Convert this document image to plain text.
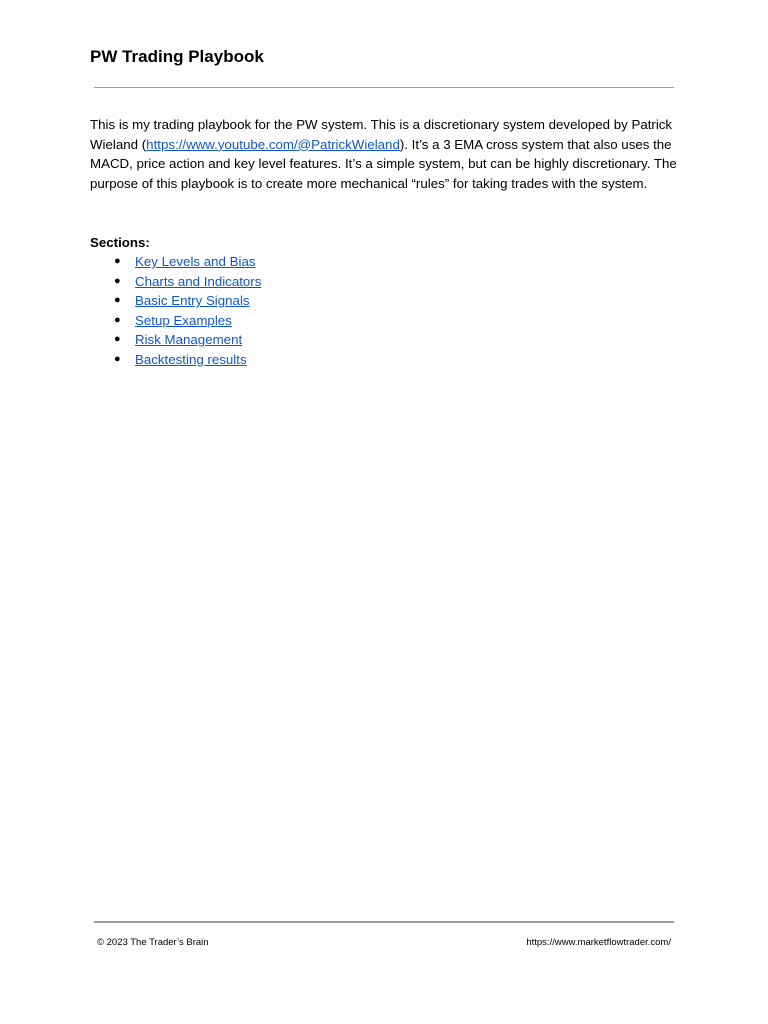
PW Trading Playbook

This is my trading playbook for the PW system. This is a discretionary system developed by Patrick Wieland (https://www.youtube.com/@PatrickWieland). It’s a 3 EMA cross system that also uses the MACD, price action and key level features. It’s a simple system, but can be highly discretionary. The purpose of this playbook is to create more mechanical “rules” for taking trades with the system.

Sections:

● Key Levels and Bias
● Charts and Indicators
● Basic Entry Signals
● Setup Examples
● Risk Management
● Backtesting results
© 2023 The Trader’s Brain	https://www.marketflowtrader.com/
